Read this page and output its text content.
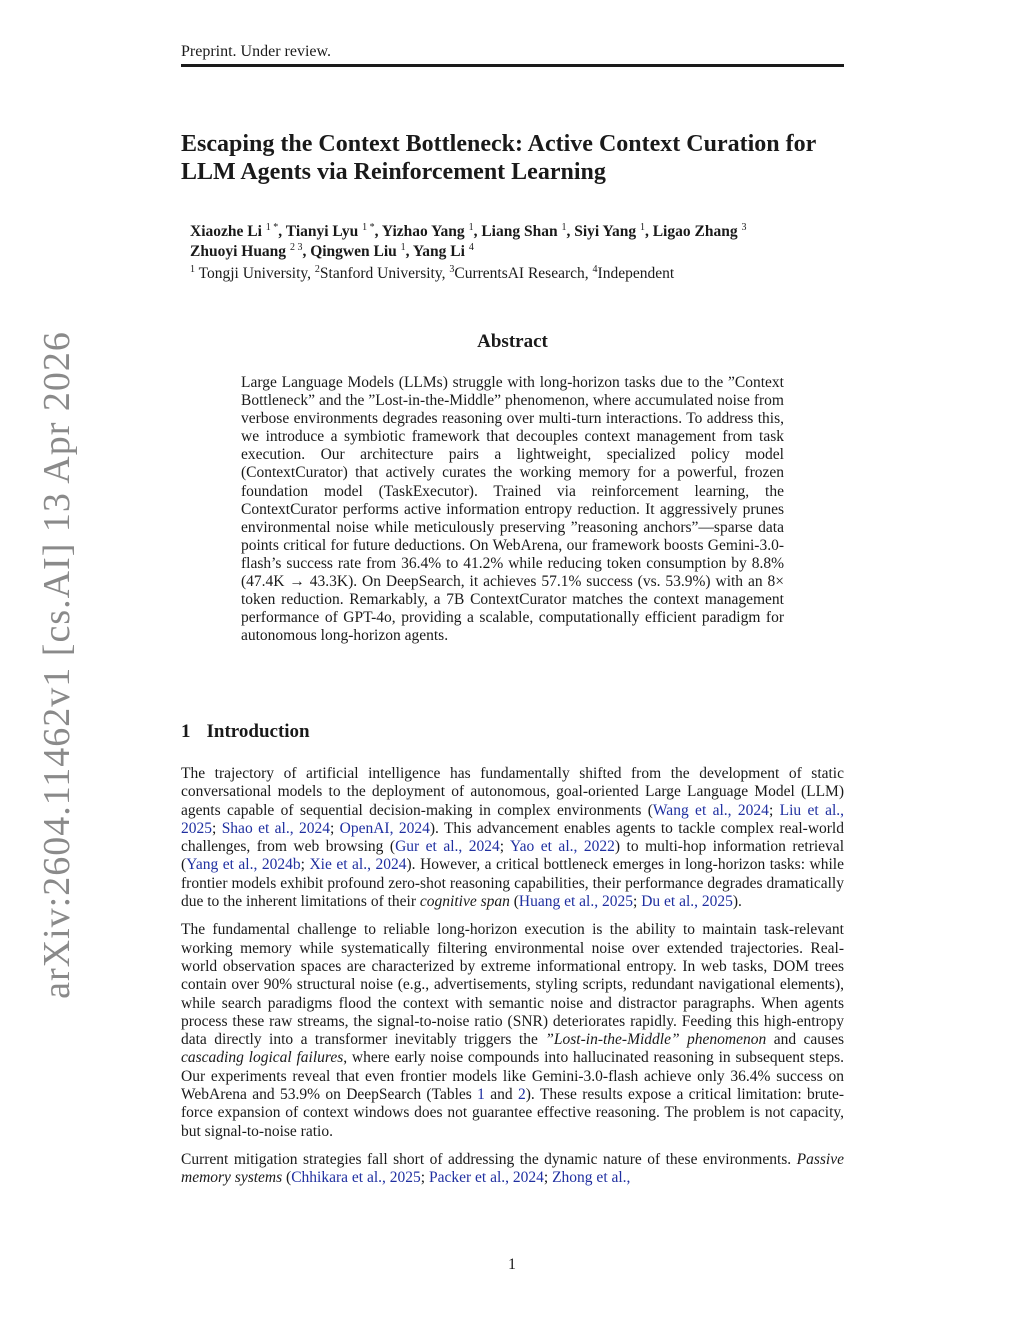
Preprint. Under review.
arXiv:2604.11462v1 [cs.AI] 13 Apr 2026
Escaping the Context Bottleneck: Active Context Curation for LLM Agents via Reinforcement Learning
Xiaozhe Li $^{1 *}$, Tianyi Lyu $^{1 *}$, Yizhao Yang $^1$, Liang Shan $^1$, Siyi Yang $^1$, Ligao Zhang $^3$
Zhuoyi Huang $^{2 3}$, Qingwen Liu $^1$, Yang Li $^4$
$^1$ Tongji University, $^2$Stanford University, $^3$CurrentsAI Research, $^4$Independent
Abstract
Large Language Models (LLMs) struggle with long-horizon tasks due to the ”Context Bottleneck” and the ”Lost-in-the-Middle” phenomenon, where accumulated noise from verbose environments degrades reasoning over multi-turn interactions. To address this, we introduce a symbiotic framework that decouples context management from task execution. Our architecture pairs a lightweight, specialized policy model (ContextCurator) that actively curates the working memory for a powerful, frozen foundation model (TaskExecutor). Trained via reinforcement learning, the ContextCurator performs active information entropy reduction. It aggressively prunes environmental noise while meticulously preserving ”reasoning anchors”—sparse data points critical for future deductions. On WebArena, our framework boosts Gemini-3.0-flash’s success rate from 36.4% to 41.2% while reducing token consumption by 8.8% (47.4K → 43.3K). On DeepSearch, it achieves 57.1% success (vs. 53.9%) with an 8× token reduction. Remarkably, a 7B ContextCurator matches the context management performance of GPT-4o, providing a scalable, computationally efficient paradigm for autonomous long-horizon agents.
1 Introduction

The trajectory of artificial intelligence has fundamentally shifted from the development of static conversational models to the deployment of autonomous, goal-oriented Large Language Model (LLM) agents capable of sequential decision-making in complex environments (Wang et al., 2024; Liu et al., 2025; Shao et al., 2024; OpenAI, 2024). This advancement enables agents to tackle complex real-world challenges, from web browsing (Gur et al., 2024; Yao et al., 2022) to multi-hop information retrieval (Yang et al., 2024b; Xie et al., 2024). However, a critical bottleneck emerges in long-horizon tasks: while frontier models exhibit profound zero-shot reasoning capabilities, their performance degrades dramatically due to the inherent limitations of their cognitive span (Huang et al., 2025; Du et al., 2025).

The fundamental challenge to reliable long-horizon execution is the ability to maintain task-relevant working memory while systematically filtering environmental noise over extended trajectories. Real-world observation spaces are characterized by extreme informational entropy. In web tasks, DOM trees contain over 90% structural noise (e.g., advertisements, styling scripts, redundant navigational elements), while search paradigms flood the context with semantic noise and distractor paragraphs. When agents process these raw streams, the signal-to-noise ratio (SNR) deteriorates rapidly. Feeding this high-entropy data directly into a transformer inevitably triggers the ”Lost-in-the-Middle” phenomenon and causes cascading logical failures, where early noise compounds into hallucinated reasoning in subsequent steps. Our experiments reveal that even frontier models like Gemini-3.0-flash achieve only 36.4% success on WebArena and 53.9% on DeepSearch (Tables 1 and 2). These results expose a critical limitation: brute-force expansion of context windows does not guarantee effective reasoning. The problem is not capacity, but signal-to-noise ratio.

Current mitigation strategies fall short of addressing the dynamic nature of these environments. Passive memory systems (Chhikara et al., 2025; Packer et al., 2024; Zhong et al.,

1
